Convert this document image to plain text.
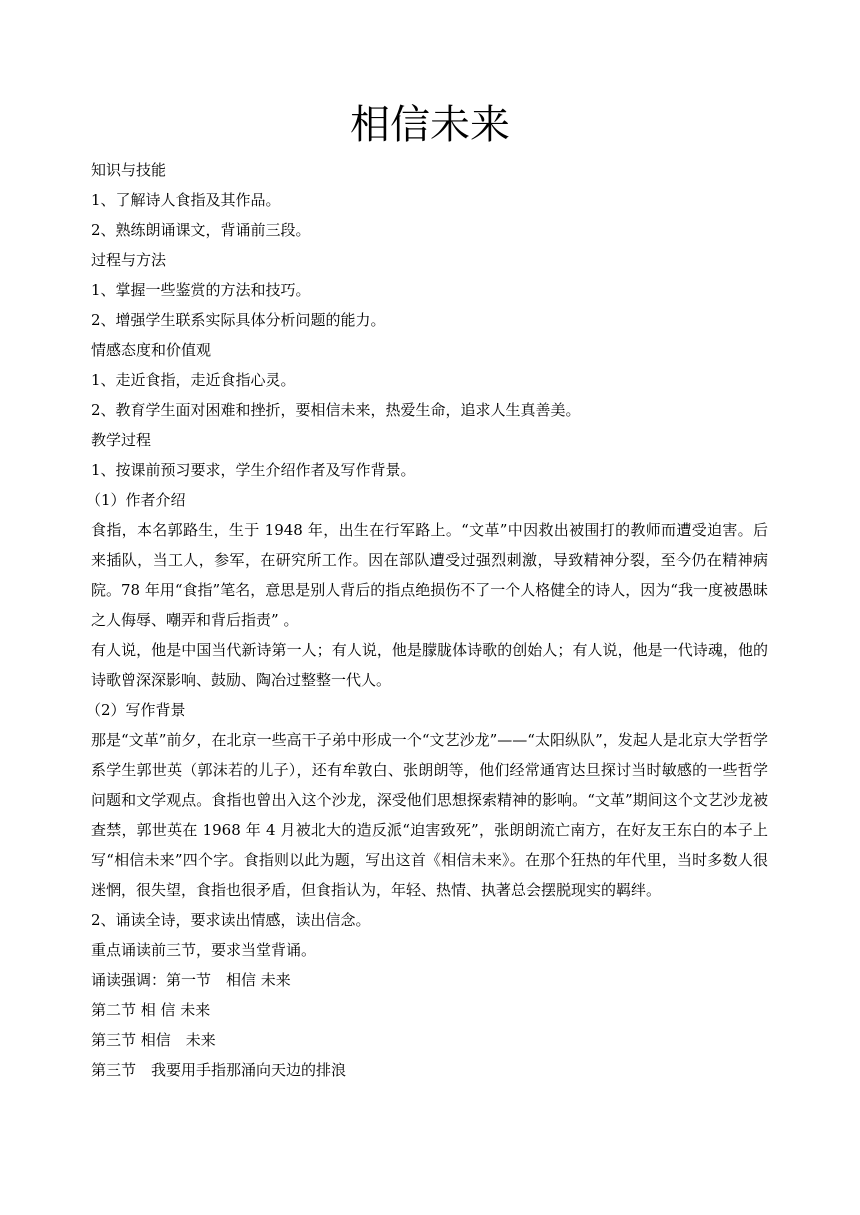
相信未来

知识与技能

1、了解诗人食指及其作品。

2、熟练朗诵课文，背诵前三段。

过程与方法

1、掌握一些鉴赏的方法和技巧。

2、增强学生联系实际具体分析问题的能力。

情感态度和价值观

1、走近食指，走近食指心灵。

2、教育学生面对困难和挫折，要相信未来，热爱生命，追求人生真善美。

教学过程

1、按课前预习要求，学生介绍作者及写作背景。

（1）作者介绍

食指，本名郭路生，生于 1948 年，出生在行军路上。“文革”中因救出被围打的教师而遭受迫害。后来插队，当工人，参军，在研究所工作。因在部队遭受过强烈刺激，导致精神分裂，至今仍在精神病院。78 年用“食指”笔名，意思是别人背后的指点绝损伤不了一个人格健全的诗人，因为“我一度被愚昧之人侮辱、嘲弄和背后指责” 。

有人说，他是中国当代新诗第一人；有人说，他是朦胧体诗歌的创始人；有人说，他是一代诗魂，他的诗歌曾深深影响、鼓励、陶冶过整整一代人。

（2）写作背景

那是“文革”前夕，在北京一些高干子弟中形成一个“文艺沙龙”——“太阳纵队”，发起人是北京大学哲学系学生郭世英（郭沫若的儿子），还有牟敦白、张朗朗等，他们经常通宵达旦探讨当时敏感的一些哲学问题和文学观点。食指也曾出入这个沙龙，深受他们思想探索精神的影响。“文革”期间这个文艺沙龙被查禁，郭世英在 1968 年 4 月被北大的造反派“迫害致死”，张朗朗流亡南方，在好友王东白的本子上写“相信未来”四个字。食指则以此为题，写出这首《相信未来》。在那个狂热的年代里，当时多数人很迷惘，很失望，食指也很矛盾，但食指认为，年轻、热情、执著总会摆脱现实的羁绊。

2、诵读全诗，要求读出情感，读出信念。

重点诵读前三节，要求当堂背诵。

诵读强调：第一节　相信 未来

第二节 相 信 未来

第三节 相信　未来

第三节　我要用手指那涌向天边的排浪
